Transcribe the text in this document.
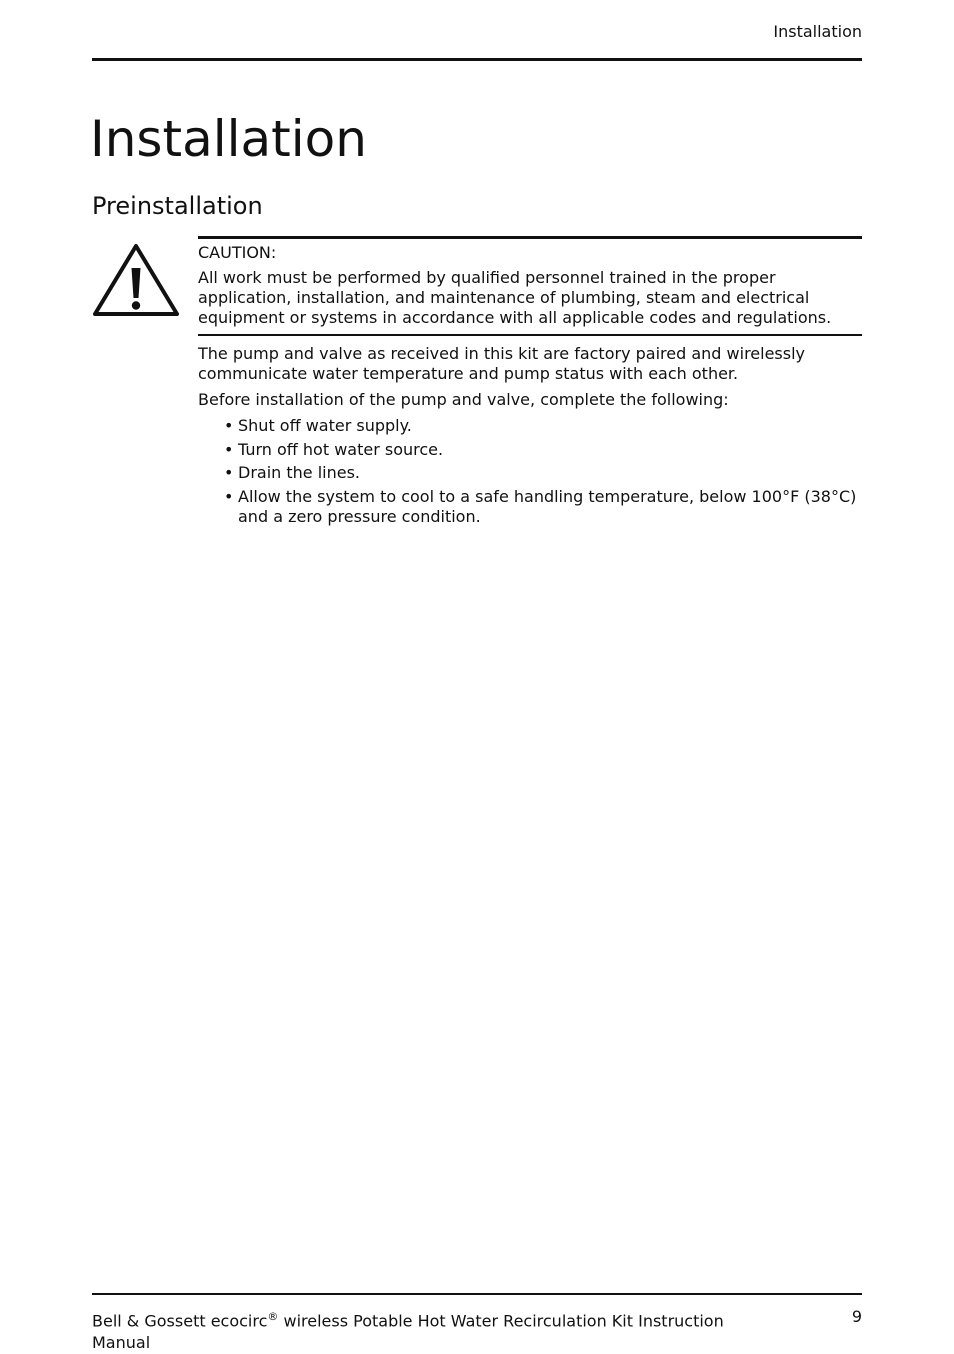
Installation
Installation
Preinstallation
CAUTION:
All work must be performed by qualified personnel trained in the proper application, installation, and maintenance of plumbing, steam and electrical equipment or systems in accordance with all applicable codes and regulations.

The pump and valve as received in this kit are factory paired and wirelessly communicate water temperature and pump status with each other.

Before installation of the pump and valve, complete the following:

• Shut off water supply.
• Turn off hot water source.
• Drain the lines.
• Allow the system to cool to a safe handling temperature, below 100°F (38°C) and a zero pressure condition.
Bell & Gossett ecocirc® wireless Potable Hot Water Recirculation Kit Instruction Manual
9
